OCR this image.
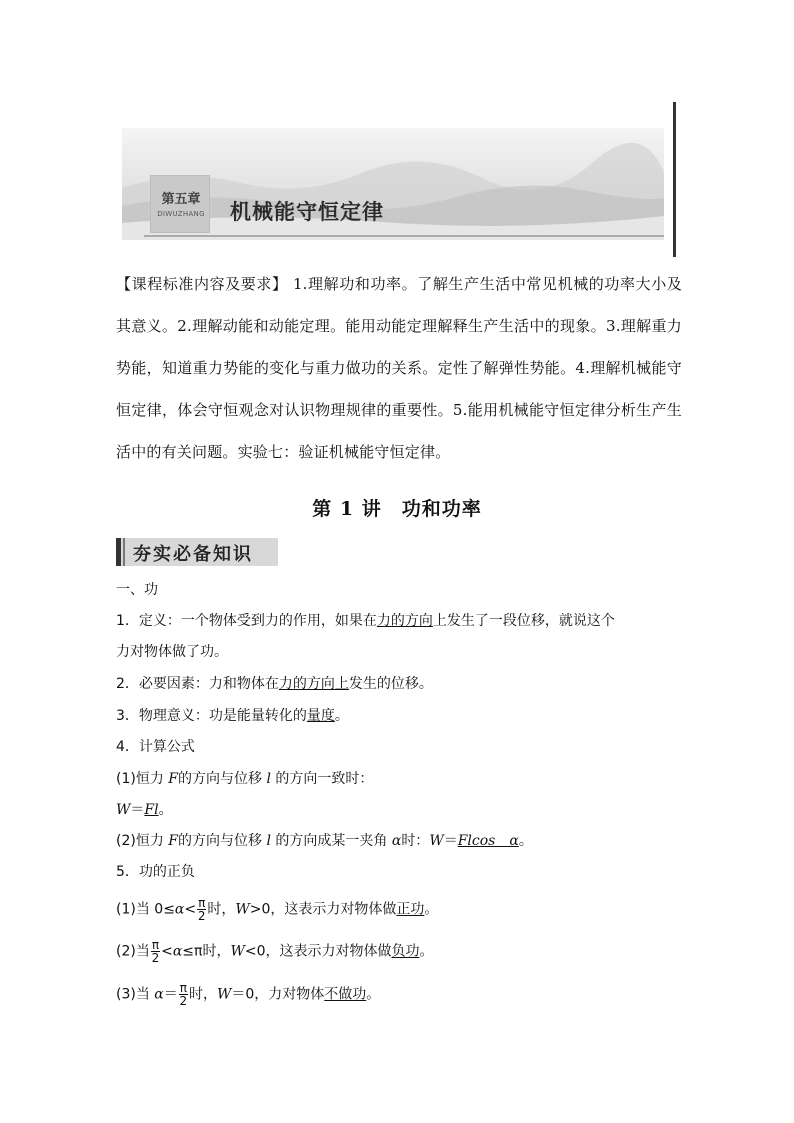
第五章
DIWUZHANG 机械能守恒定律
【课程标准内容及要求】 1.理解功和功率。了解生产生活中常见机械的功率大小及其意义。2.理解动能和动能定理。能用动能定理解释生产生活中的现象。3.理解重力势能，知道重力势能的变化与重力做功的关系。定性了解弹性势能。4.理解机械能守恒定律，体会守恒观念对认识物理规律的重要性。5.能用机械能守恒定律分析生产生活中的有关问题。实验七：验证机械能守恒定律。
第 1 讲　功和功率
夯实必备知识
一、功
1．定义：一个物体受到力的作用，如果在力的方向上发生了一段位移，就说这个
力对物体做了功。
2．必要因素：力和物体在力的方向上发生的位移。
3．物理意义：功是能量转化的量度。
4．计算公式
(1)恒力 F的方向与位移 l 的方向一致时：
W＝Fl。
(2)恒力 F的方向与位移 l 的方向成某一夹角 α时：W＝Flcos　α。
5．功的正负
(1)当 $0\le\alpha< \frac{\pi}{2}$ 时，W>0，这表示力对物体做正功。
(2)当 $\frac{\pi}{2} <\alpha\le\pi$时，W<0，这表示力对物体做负功。
(3)当 $\alpha= \frac{\pi}{2}$ 时，W＝0，力对物体不做功。
